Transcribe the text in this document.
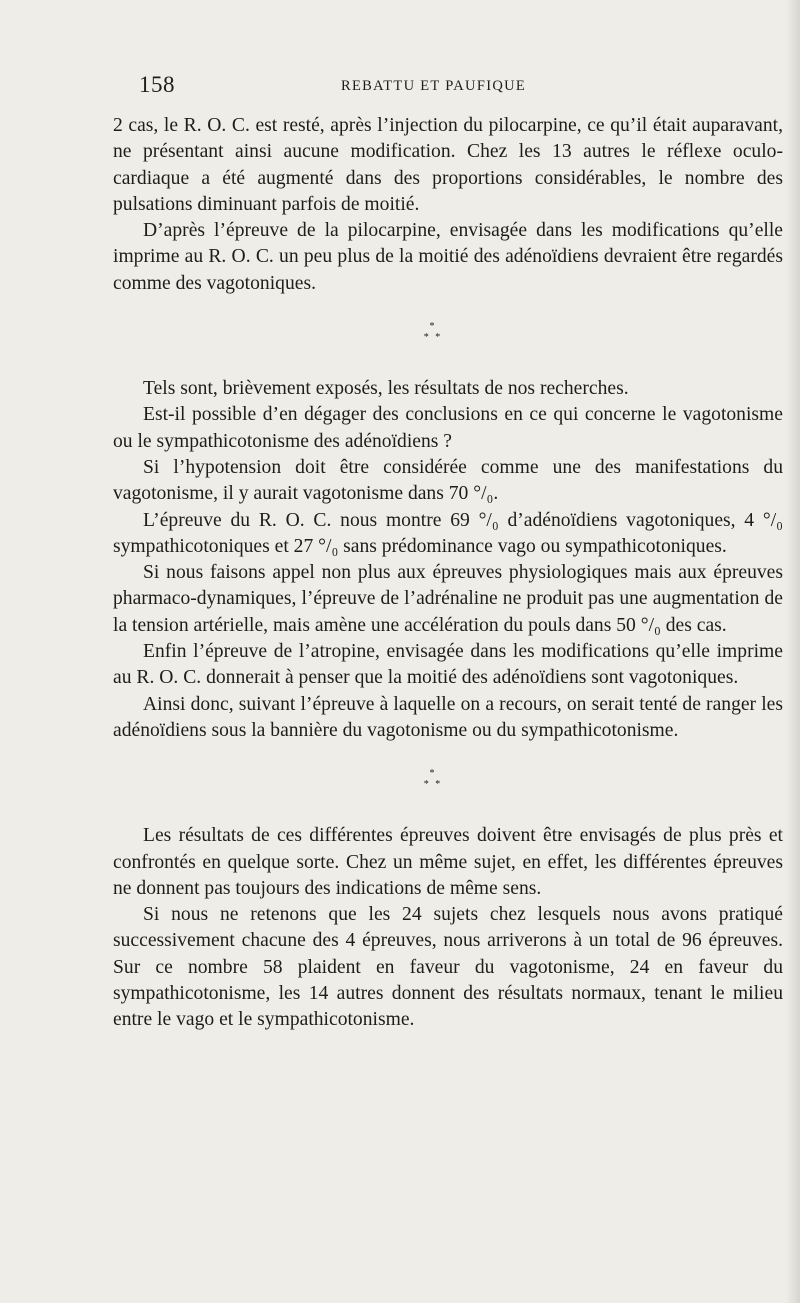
158	REBATTU ET PAUFIQUE

2 cas, le R. O. C. est resté, après l’injection du pilocarpine, ce qu’il était auparavant, ne présentant ainsi aucune modification. Chez les 13 autres le réflexe oculo-cardiaque a été augmenté dans des proportions considérables, le nombre des pulsations diminuant parfois de moitié.

D’après l’épreuve de la pilocarpine, envisagée dans les modifications qu’elle imprime au R. O. C. un peu plus de la moitié des adénoïdiens devraient être regardés comme des vagotoniques.

*
* *

Tels sont, brièvement exposés, les résultats de nos recherches.

Est-il possible d’en dégager des conclusions en ce qui concerne le vagotonisme ou le sympathicotonisme des adénoïdiens ?

Si l’hypotension doit être considérée comme une des manifestations du vagotonisme, il y aurait vagotonisme dans 70 °/₀.

L’épreuve du R. O. C. nous montre 69 °/₀ d’adénoïdiens vagotoniques, 4 °/₀ sympathicotoniques et 27 °/₀ sans prédominance vago ou sympathicotoniques.

Si nous faisons appel non plus aux épreuves physiologiques mais aux épreuves pharmaco-dynamiques, l’épreuve de l’adrénaline ne produit pas une augmentation de la tension artérielle, mais amène une accélération du pouls dans 50 °/₀ des cas.

Enfin l’épreuve de l’atropine, envisagée dans les modifications qu’elle imprime au R. O. C. donnerait à penser que la moitié des adénoïdiens sont vagotoniques.

Ainsi donc, suivant l’épreuve à laquelle on a recours, on serait tenté de ranger les adénoïdiens sous la bannière du vagotonisme ou du sympathicotonisme.

*
* *

Les résultats de ces différentes épreuves doivent être envisagés de plus près et confrontés en quelque sorte. Chez un même sujet, en effet, les différentes épreuves ne donnent pas toujours des indications de même sens.

Si nous ne retenons que les 24 sujets chez lesquels nous avons pratiqué successivement chacune des 4 épreuves, nous arriverons à un total de 96 épreuves. Sur ce nombre 58 plaident en faveur du vagotonisme, 24 en faveur du sympathicotonisme, les 14 autres donnent des résultats normaux, tenant le milieu entre le vago et le sympathicotonisme.
